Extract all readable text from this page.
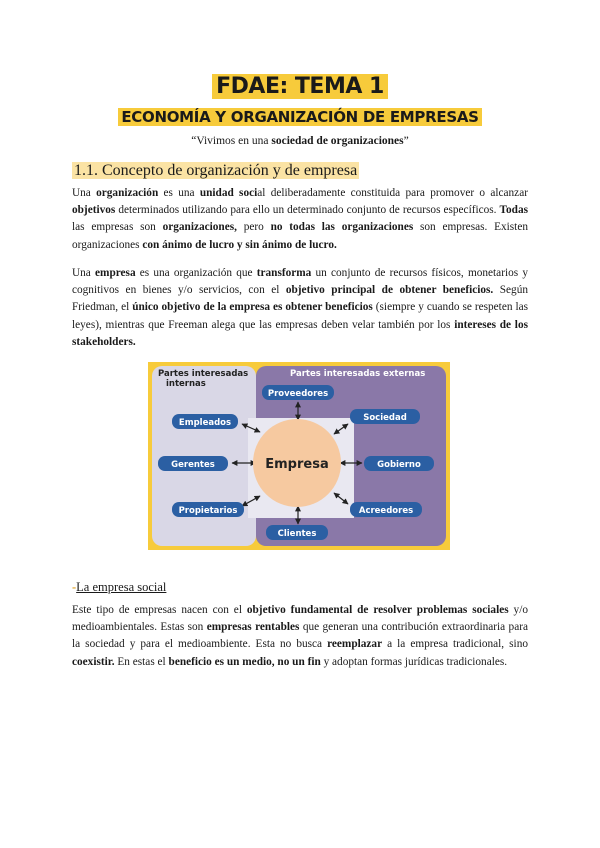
FDAE: TEMA 1
ECONOMÍA Y ORGANIZACIÓN DE EMPRESAS
“Vivimos en una sociedad de organizaciones”
1.1. Concepto de organización y de empresa

Una organización es una unidad social deliberadamente constituida para promover o alcanzar objetivos determinados utilizando para ello un determinado conjunto de recursos específicos. Todas las empresas son organizaciones, pero no todas las organizaciones son empresas. Existen organizaciones con ánimo de lucro y sin ánimo de lucro.

Una empresa es una organización que transforma un conjunto de recursos físicos, monetarios y cognitivos en bienes y/o servicios, con el objetivo principal de obtener beneficios. Según Friedman, el único objetivo de la empresa es obtener beneficios (siempre y cuando se respeten las leyes), mientras que Freeman alega que las empresas deben velar también por los intereses de los stakeholders.

Partes interesadas
internas
Partes interesadas externas
Empresa
Empleados
Gerentes
Propietarios
Proveedores
Sociedad
Gobierno
Acreedores
Clientes
-La empresa social

Este tipo de empresas nacen con el objetivo fundamental de resolver problemas sociales y/o medioambientales. Estas son empresas rentables que generan una contribución extraordinaria para la sociedad y para el medioambiente. Esta no busca reemplazar a la empresa tradicional, sino coexistir. En estas el beneficio es un medio, no un fin y adoptan formas jurídicas tradicionales.
